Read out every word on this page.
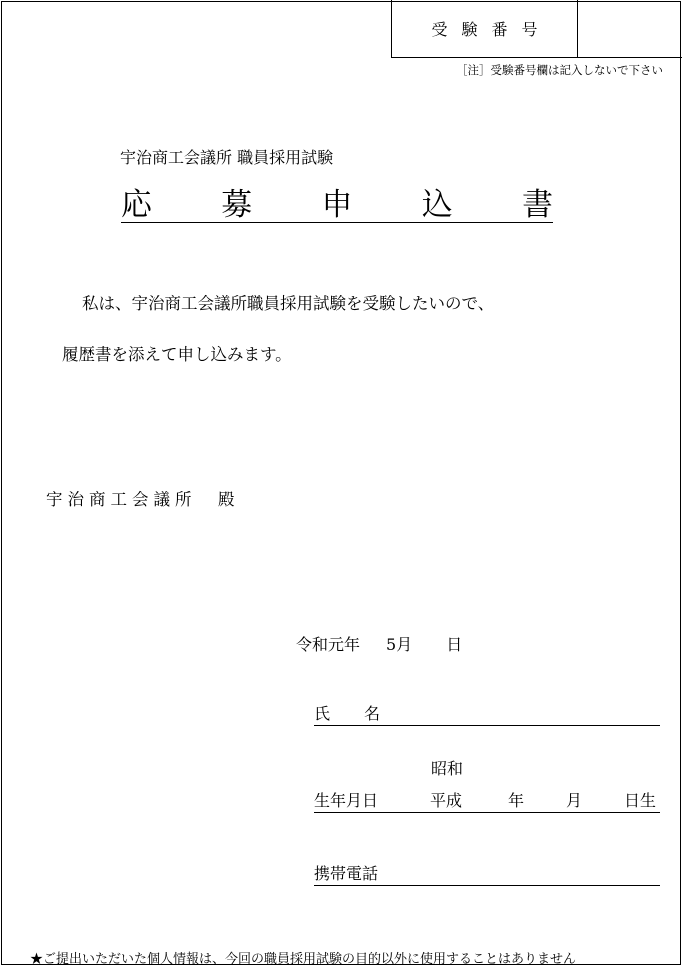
受験番号
［注］受験番号欄は記入しないで下さい
宇治商工会議所 職員採用試験
応 募 申 込 書
私は、宇治商工会議所職員採用試験を受験したいので、
履歴書を添えて申し込みます。
宇治商工会議所　殿
令和元年 5月 日
氏 名
昭和
生年月日	平成	年	月	日生
携帯電話
★ご提出いただいた個人情報は、今回の職員採用試験の目的以外に使用することはありません
